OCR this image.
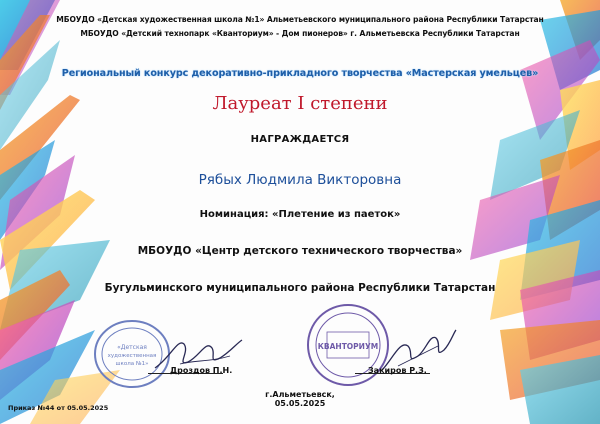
МБОУДО «Детская художественная школа №1» Альметьевского муниципального района Республики Татарстан
МБОУДО «Детский технопарк «Кванториум» - Дом пионеров» г. Альметьевска Республики Татарстан
Региональный конкурс декоративно-прикладного творчества «Мастерская умельцев»
Лауреат I степени
НАГРАЖДАЕТСЯ
Рябых Людмила Викторовна
Номинация: «Плетение из паеток»
МБОУДО «Центр детского технического творчества»
Бугульминского муниципального района Республики Татарстан
«Детская
художественная
школа №1»
Дроздов П.Н.
КВАНТОРИУМ
Закиров Р.З.
г.Альметьевск,
05.05.2025
Приказ №44 от 05.05.2025
